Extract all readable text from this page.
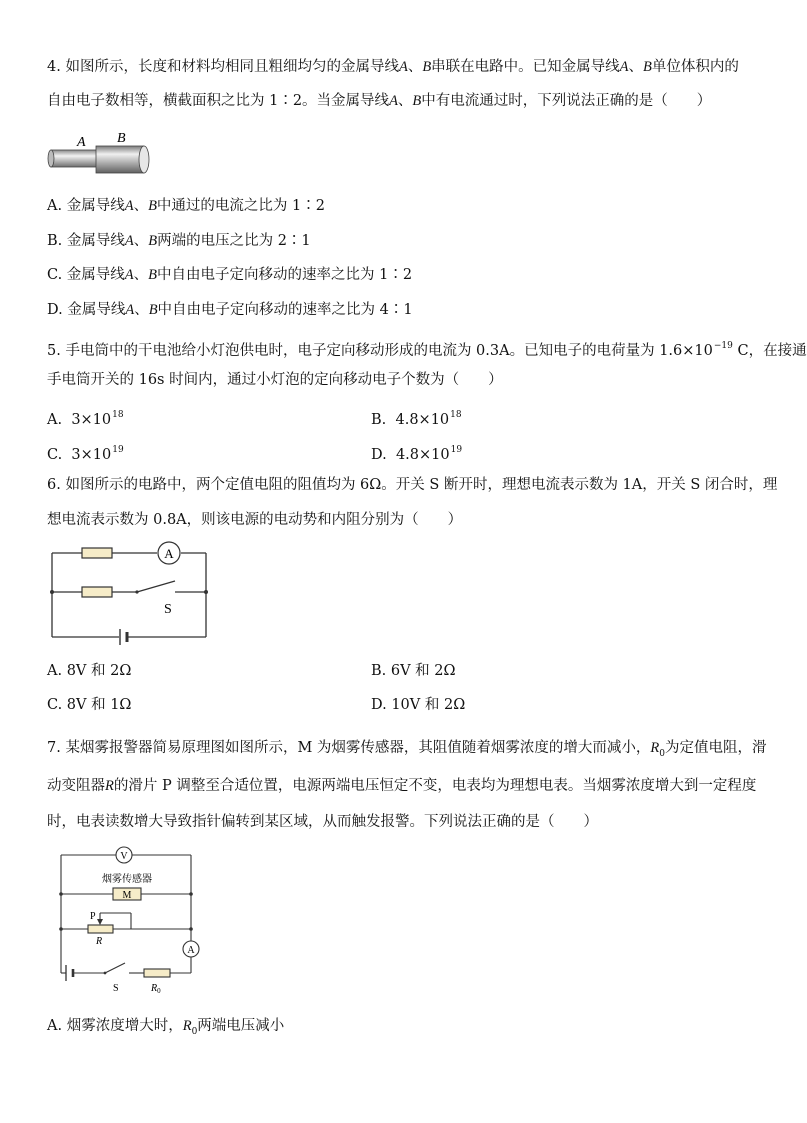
4. 如图所示，长度和材料均相同且粗细均匀的金属导线A、B串联在电路中。已知金属导线A、B单位体积内的
自由电子数相等，横截面积之比为 1∶2。当金属导线A、B中有电流通过时，下列说法正确的是（　　）
A B
A. 金属导线A、B中通过的电流之比为 1∶2
B. 金属导线A、B两端的电压之比为 2∶1
C. 金属导线A、B中自由电子定向移动的速率之比为 1∶2
D. 金属导线A、B中自由电子定向移动的速率之比为 4∶1
5. 手电筒中的干电池给小灯泡供电时，电子定向移动形成的电流为 0.3A。已知电子的电荷量为 $1.6\times 10^{-19}$ C，在接通
手电筒开关的 16s 时间内，通过小灯泡的定向移动电子个数为（　　）
A. $3\times 10^{18}$	B. $4.8\times 10^{18}$
C. $3\times 10^{19}$	D. $4.8\times 10^{19}$
6. 如图所示的电路中，两个定值电阻的阻值均为 6Ω。开关 S 断开时，理想电流表示数为 1A，开关 S 闭合时，理
想电流表示数为 0.8A，则该电源的电动势和内阻分别为（　　）
A
S
A. 8V 和 2Ω	B. 6V 和 2Ω
C. 8V 和 1Ω	D. 10V 和 2Ω
7. 某烟雾报警器简易原理图如图所示，M 为烟雾传感器，其阻值随着烟雾浓度的增大而减小，$R_0$为定值电阻，滑
动变阻器R的滑片 P 调整至合适位置，电源两端电压恒定不变，电表均为理想电表。当烟雾浓度增大到一定程度
时，电表读数增大导致指针偏转到某区域，从而触发报警。下列说法正确的是（　　）
V
烟雾传感器
M
P
R
A
S	$R_0$
A. 烟雾浓度增大时，$R_0$两端电压减小
